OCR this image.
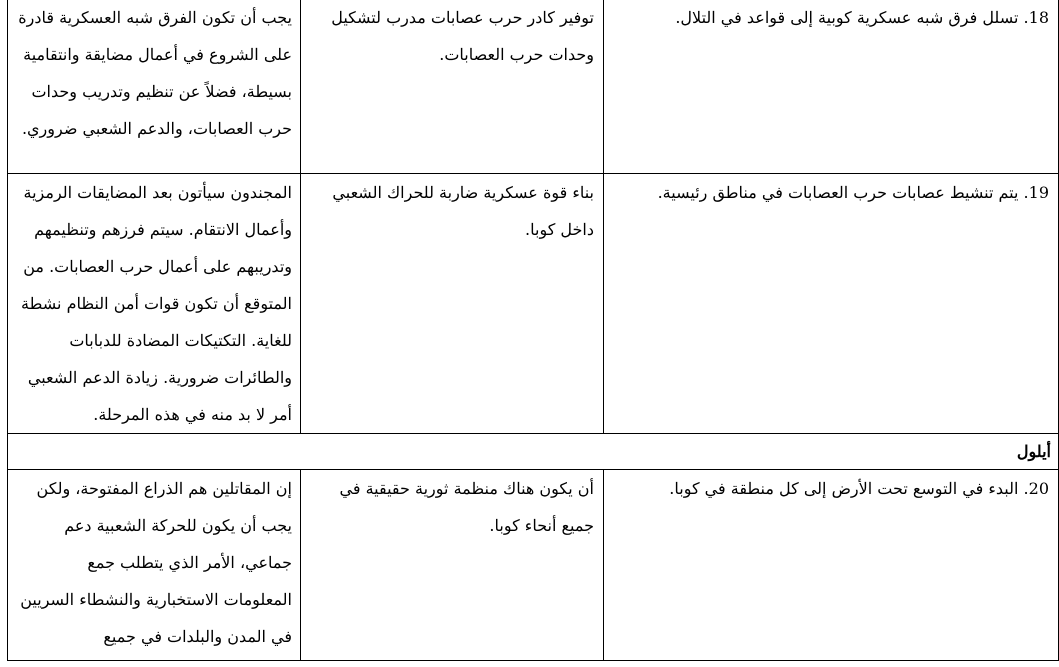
18. تسلل فرق شبه عسكرية كوبية إلى قواعد في التلال.	توفير كادر حرب عصابات مدرب لتشكيل وحدات حرب العصابات.	يجب أن تكون الفرق شبه العسكرية قادرة على الشروع في أعمال مضايقة وانتقامية بسيطة، فضلاً عن تنظيم وتدريب وحدات حرب العصابات، والدعم الشعبي ضروري.
19. يتم تنشيط عصابات حرب العصابات في مناطق رئيسية.	بناء قوة عسكرية ضاربة للحراك الشعبي داخل كوبا.	المجندون سيأتون بعد المضايقات الرمزية وأعمال الانتقام. سيتم فرزهم وتنظيمهم وتدريبهم على أعمال حرب العصابات. من المتوقع أن تكون قوات أمن النظام نشطة للغاية. التكتيكات المضادة للدبابات والطائرات ضرورية. زيادة الدعم الشعبي أمر لا بد منه في هذه المرحلة.
أيلول		
20. البدء في التوسع تحت الأرض إلى كل منطقة في كوبا.	أن يكون هناك منظمة ثورية حقيقية في جميع أنحاء كوبا.	إن المقاتلين هم الذراع المفتوحة، ولكن يجب أن يكون للحركة الشعبية دعم جماعي، الأمر الذي يتطلب جمع المعلومات الاستخبارية والنشطاء السريين في المدن والبلدات في جميع
